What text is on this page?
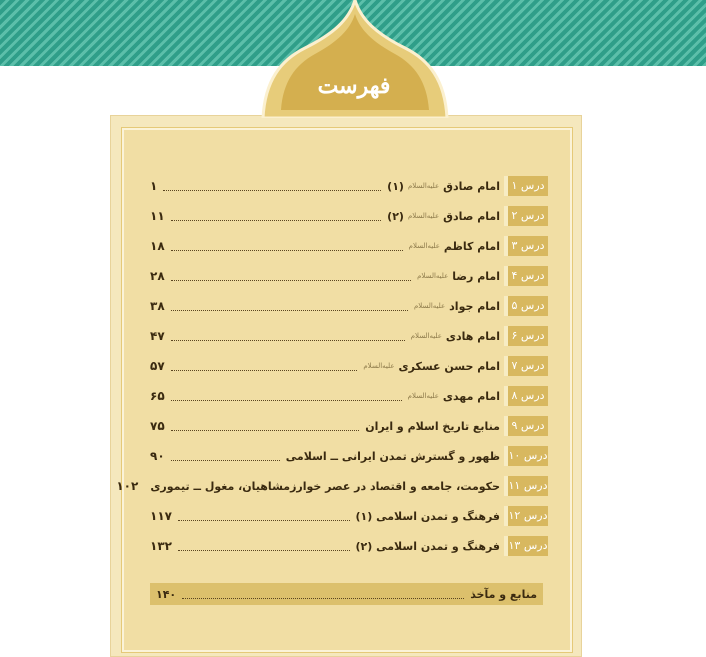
فهرست
درس ۱
امام صادق
علیه‌السلام
(۱)
۱
درس ۲
امام صادق
علیه‌السلام
(۲)
۱۱
درس ۳
امام کاظم
علیه‌السلام
۱۸
درس ۴
امام رضا
علیه‌السلام
۲۸
درس ۵
امام جواد
علیه‌السلام
۳۸
درس ۶
امام هادی
علیه‌السلام
۴۷
درس ۷
امام حسن عسکری
علیه‌السلام
۵۷
درس ۸
امام مهدی
علیه‌السلام
۶۵
درس ۹
منابع تاریخ اسلام و ایران
۷۵
درس ۱۰
ظهور و گسترش تمدن ایرانی ــ اسلامی
۹۰
درس ۱۱
حکومت، جامعه و اقتصاد در عصر خوارزمشاهیان، مغول ــ تیموری
۱۰۲
درس ۱۲
فرهنگ و تمدن اسلامی (۱)
۱۱۷
درس ۱۳
فرهنگ و تمدن اسلامی (۲)
۱۳۲
منابع و مآخذ
۱۴۰
